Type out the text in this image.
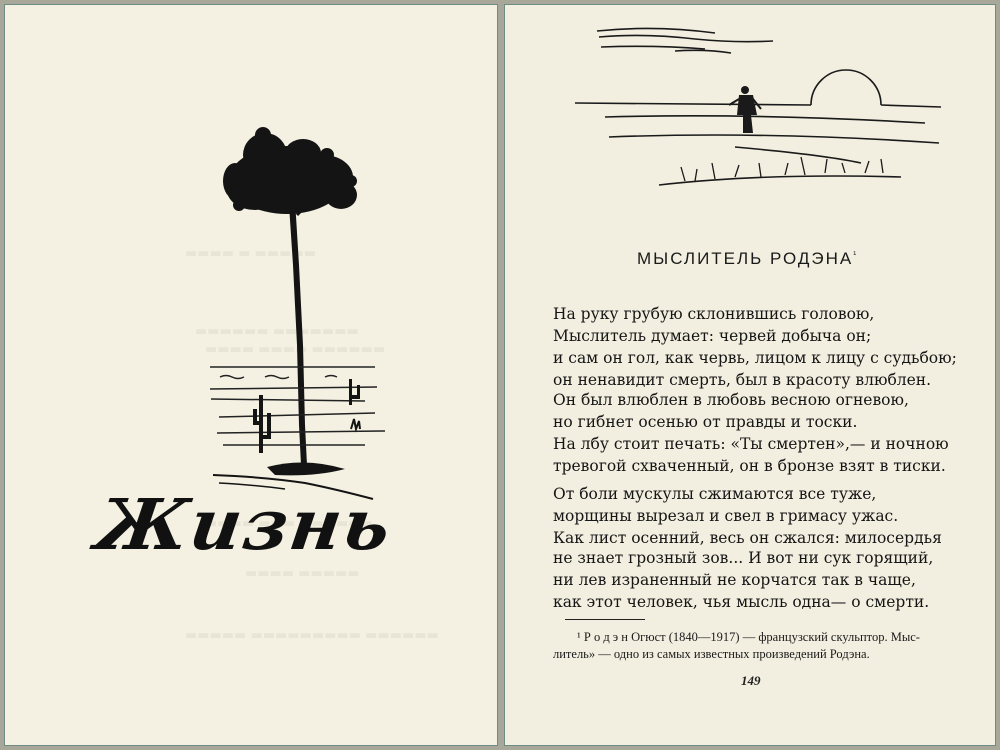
Жизнь
МЫСЛИТЕЛЬ $РОДЭНА^{^1}$
На руку грубую склонившись головою,
Мыслитель думает: червей добыча он;
и сам он гол, как червь, лицом к лицу с судьбою;
он ненавидит смерть, был в красоту влюблен.
Он был влюблен в любовь весною огневою,
но гибнет осенью от правды и тоски.
На лбу стоит печать: «Ты смертен»,— и ночною
тревогой схваченный, он в бронзе взят в тиски.
От боли мускулы сжимаются все туже,
морщины вырезал и свел в гримасу ужас.
Как лист осенний, весь он сжался: милосердья
не знает грозный зов... И вот ни сук горящий,
ни лев израненный не корчатся так в чаще,
как этот человек, чья мысль одна— о смерти.
¹ Р о д э н Огюст (1840—1917) — французский скульптор. Мыс-
литель» — одно из самых известных произведений Родэна.
149
